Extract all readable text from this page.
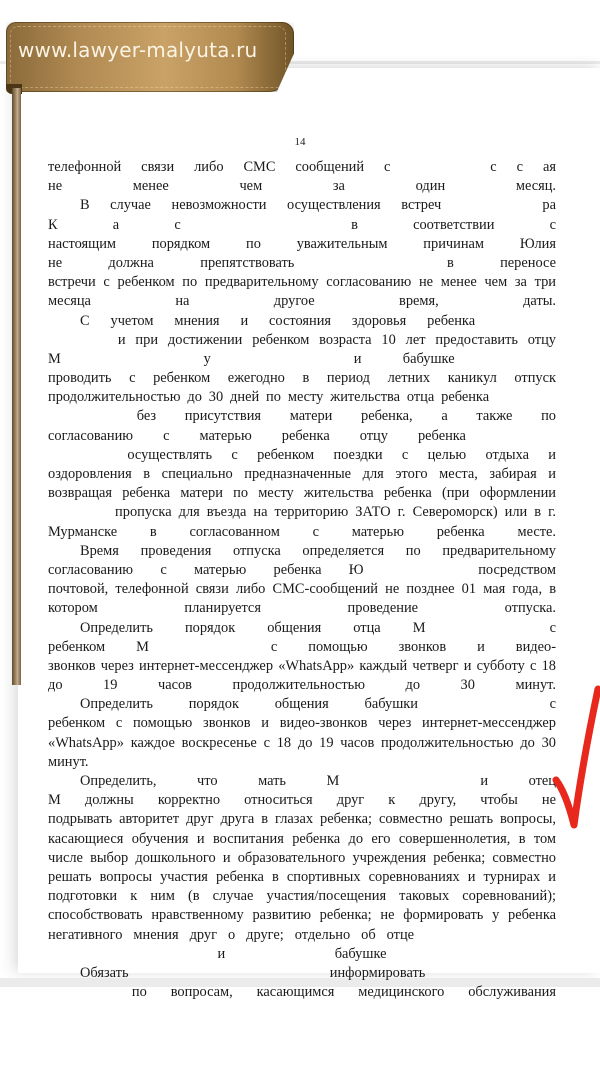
www.lawyer-malyuta.ru
14
телефонной связи либо СМС сообщений с	с с ая
не менее чем за один месяц.
В случае невозможности осуществления встреч	ра
К	а с	в соответствии с
настоящим порядком по уважительным причинам Юлия
не должна препятствовать	в переносе
встречи с ребенком по предварительному согласованию не менее чем за три
месяца на другое время, даты.
С учетом мнения и состояния здоровья ребенка
и при достижении ребенком возраста 10 лет предоставить отцу
М	у	и бабушке
проводить с ребенком ежегодно в период летних каникул отпуск
продолжительностью до 30 дней по месту жительства отца ребенка
без присутствия матери ребенка, а также по
согласованию с матерью ребенка отцу ребенка
осуществлять с ребенком поездки с целью отдыха и
оздоровления в специально предназначенные для этого места, забирая и
возвращая ребенка матери по месту жительства ребенка (при оформлении
пропуска для въезда на территорию ЗАТО г. Североморск) или в г.
Мурманске в согласованном с матерью ребенка месте.
Время проведения отпуска определяется по предварительному
согласованию с матерью ребенка Ю	посредством
почтовой, телефонной связи либо СМС-сообщений не позднее 01 мая года, в
котором планируется проведение отпуска.
Определить порядок общения отца М	с
ребенком М	с помощью звонков и видео-
звонков через интернет-мессенджер «WhatsApp» каждый четверг и субботу с 18
до 19 часов продолжительностью до 30 минут.
Определить порядок общения бабушки	с
ребенком с помощью звонков и видео-звонков через интернет-мессенджер
«WhatsApp» каждое воскресенье с 18 до 19 часов продолжительностью до 30
минут.
Определить, что мать М	и отец
М должны корректно относиться друг к другу, чтобы не
подрывать авторитет друг друга в глазах ребенка; совместно решать вопросы,
касающиеся обучения и воспитания ребенка до его совершеннолетия, в том
числе выбор дошкольного и образовательного учреждения ребенка; совместно
решать вопросы участия ребенка в спортивных соревнованиях и турнирах и
подготовки к ним (в случае участия/посещения таковых соревнований);
способствовать нравственному развитию ребенка; не формировать у ребенка
негативного мнения друг о друге; отдельно об отце
и бабушке
Обязать	информировать
по вопросам, касающимся медицинского обслуживания
